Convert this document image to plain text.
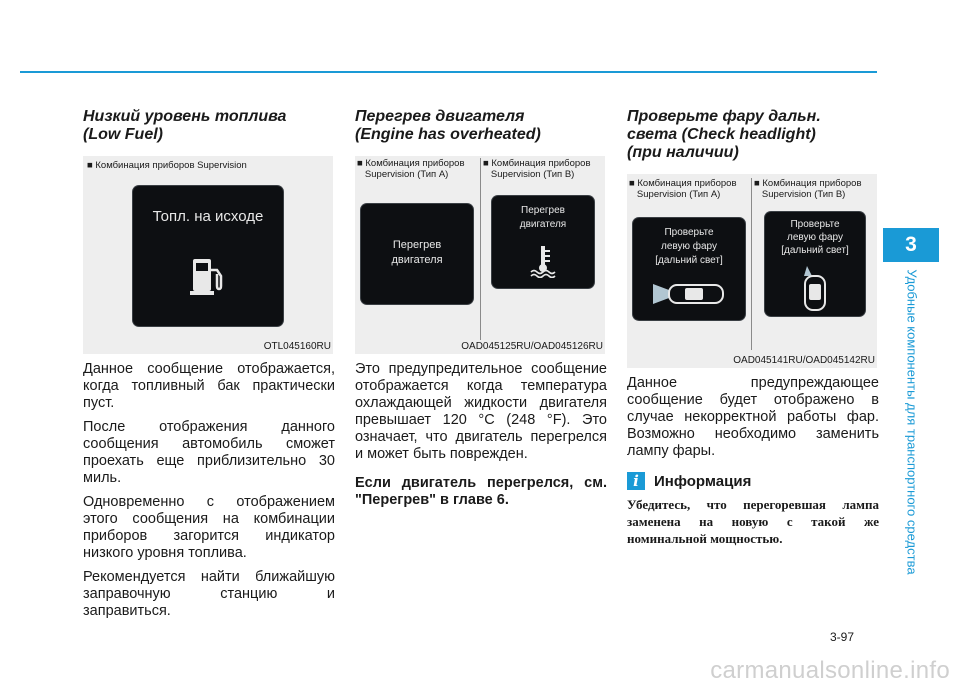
Низкий уровень топлива
(Low Fuel)
■ Комбинация приборов Supervision
Топл. на исходе
OTL045160RU

Данное сообщение отображается, когда топливный бак практически пуст.

После отображения данного сообщения автомобиль сможет проехать еще приблизительно 30 миль.

Одновременно с отображением этого сообщения на комбинации приборов загорится индикатор низкого уровня топлива.

Рекомендуется найти ближайшую заправочную станцию и заправиться.

Перегрев двигателя
(Engine has overheated)
■ Комбинация приборов
Supervision (Тип A)
■ Комбинация приборов
Supervision (Тип B)
Перегрев
двигателя
Перегрев
двигателя
OAD045125RU/OAD045126RU

Это предупредительное сообщение отображается когда температура охлаждающей жидкости двигателя превышает 120 °C (248 °F). Это означает, что двигатель перегрелся и может быть поврежден.

Если двигатель перегрелся, см. "Перегрев" в главе 6.

Проверьте фару дальн.
света (Check headlight)
(при наличии)
■ Комбинация приборов
Supervision (Тип A)
■ Комбинация приборов
Supervision (Тип B)
Проверьте
левую фару
[дальний свет]
Проверьте
левую фару
[дальний свет]
OAD045141RU/OAD045142RU

Данное предупреждающее сообщение будет отображено в случае некорректной работы фар. Возможно необходимо заменить лампу фары.

i	Информация
Убедитесь, что перегоревшая лампа заменена на новую с такой же номинальной мощностью.
3
Удобные компоненты для транспортного средства
3-97
carmanualsonline.info
